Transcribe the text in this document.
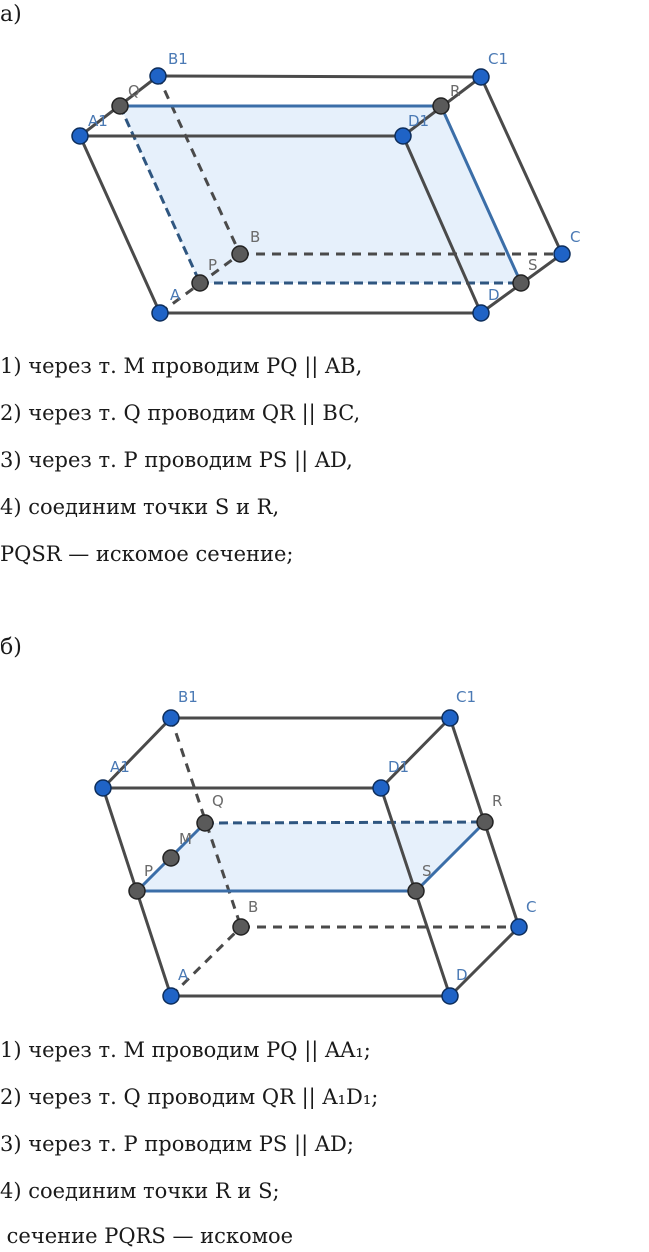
а)
B1	C1
A1	D1
Q	R
B	C
P	S
A	D
1) через т. M проводим PQ || AB,
2) через т. Q проводим QR || BC,
3) через т. P проводим PS || AD,
4) соединим точки S и R,
PQSR — искомое сечение;
б)
B1	C1
A1	D1
Q	R
M
P	S
B	C
A	D
1) через т. M проводим PQ || AA₁;
2) через т. Q проводим QR || A₁D₁;
3) через т. P проводим PS || AD;
4) соединим точки R и S;
сечение PQRS — искомое
